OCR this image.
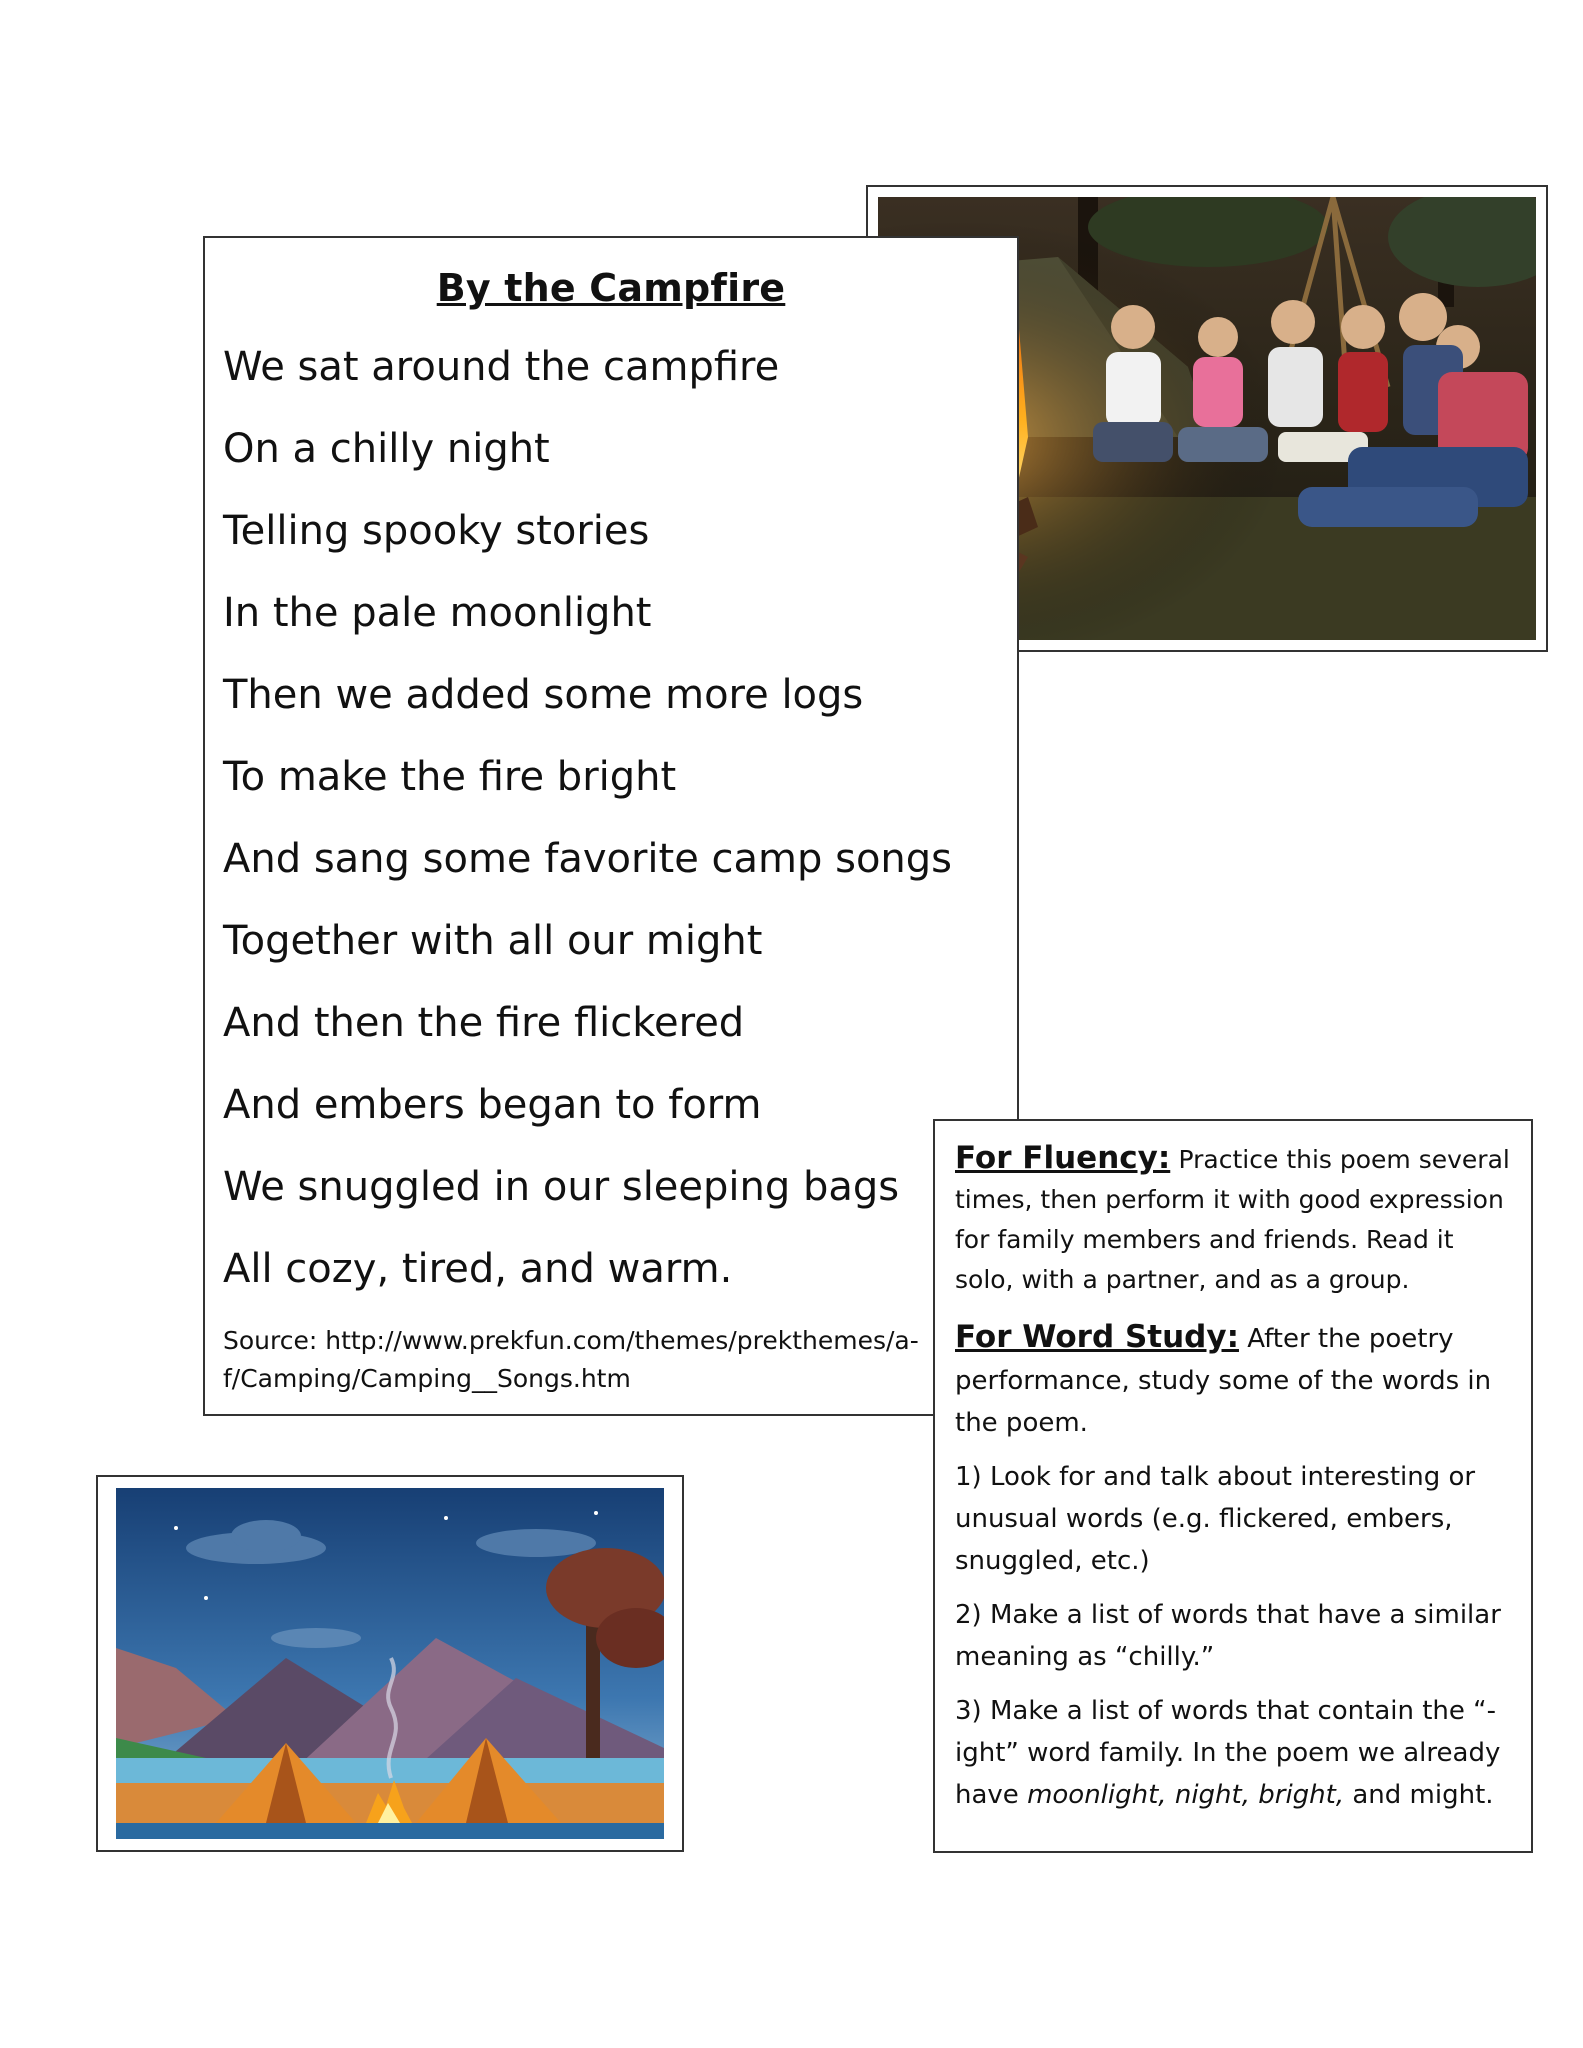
By the Campfire
We sat around the campfire
On a chilly night
Telling spooky stories
In the pale moonlight
Then we added some more logs
To make the fire bright
And sang some favorite camp songs
Together with all our might
And then the fire flickered
And embers began to form
We snuggled in our sleeping bags
All cozy, tired, and warm.
Source: http://www.prekfun.com/themes/prekthemes/a-f/Camping/Camping__Songs.htm
For Fluency: Practice this poem several times, then perform it with good expression for family members and friends. Read it solo, with a partner, and as a group.
For Word Study: After the poetry performance, study some of the words in the poem.
1) Look for and talk about interesting or unusual words (e.g. flickered, embers, snuggled, etc.)
2) Make a list of words that have a similar meaning as “chilly.”
3) Make a list of words that contain the “-ight” word family. In the poem we already have moonlight, night, bright, and might.
